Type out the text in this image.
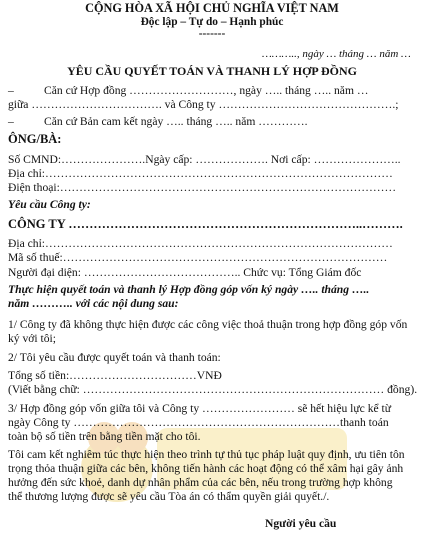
CỘNG HÒA XÃ HỘI CHỦ NGHĨA VIỆT NAM
Độc lập – Tự do – Hạnh phúc
-------
……….., ngày … tháng … năm …
YÊU CẦU QUYẾT TOÁN VÀ THANH LÝ HỢP ĐỒNG
–	Căn cứ Hợp đồng ………………………, ngày ….. tháng ….. năm …
giữa ……………………………. và Công ty ……………………………………….;
–	Căn cứ Bản cam kết ngày ….. tháng ….. năm ………….
ÔNG/BÀ:
Số CMND:………………….Ngày cấp: ………………. Nơi cấp: …………………..
Địa chỉ:………………………………………………………………………………
Điện thoại:……………………………………………………………………………
Yêu cầu Công ty:
CÔNG TY ……………………………………………………………..……….
Địa chỉ:………………………………………………………………………………
Mã số thuế:…………………………………………………………………………
Người đại diện: ………………………………….. Chức vụ: Tổng Giám đốc
Thực hiện quyết toán và thanh lý Hợp đồng góp vốn ký ngày ….. tháng …..
năm ……….. với các nội dung sau:
1/ Công ty đã không thực hiện được các công việc thoả thuận trong hợp đồng góp vốn
ký với tôi;
2/ Tôi yêu cầu được quyết toán và thanh toán:
Tổng số tiền:……………………………VNĐ
(Viết bằng chữ: …………………………………………………………………… đồng).
3/ Hợp đồng góp vốn giữa tôi và Công ty …………………… sẽ hết hiệu lực kể từ
ngày Công ty ……………………………………………………………thanh toán
toàn bộ số tiền trên bằng tiền mặt cho tôi.
Tôi cam kết nghiêm túc thực hiện theo trình tự thủ tục pháp luật quy định, ưu tiên tôn
trọng thỏa thuận giữa các bên, không tiến hành các hoạt động có thể xâm hại gây ảnh
hưởng đến sức khoẻ, danh dự nhân phẩm của các bên, nếu trong trường hợp không
thể thương lượng được sẽ yêu cầu Tòa án có thẩm quyền giải quyết./.
Người yêu cầu
